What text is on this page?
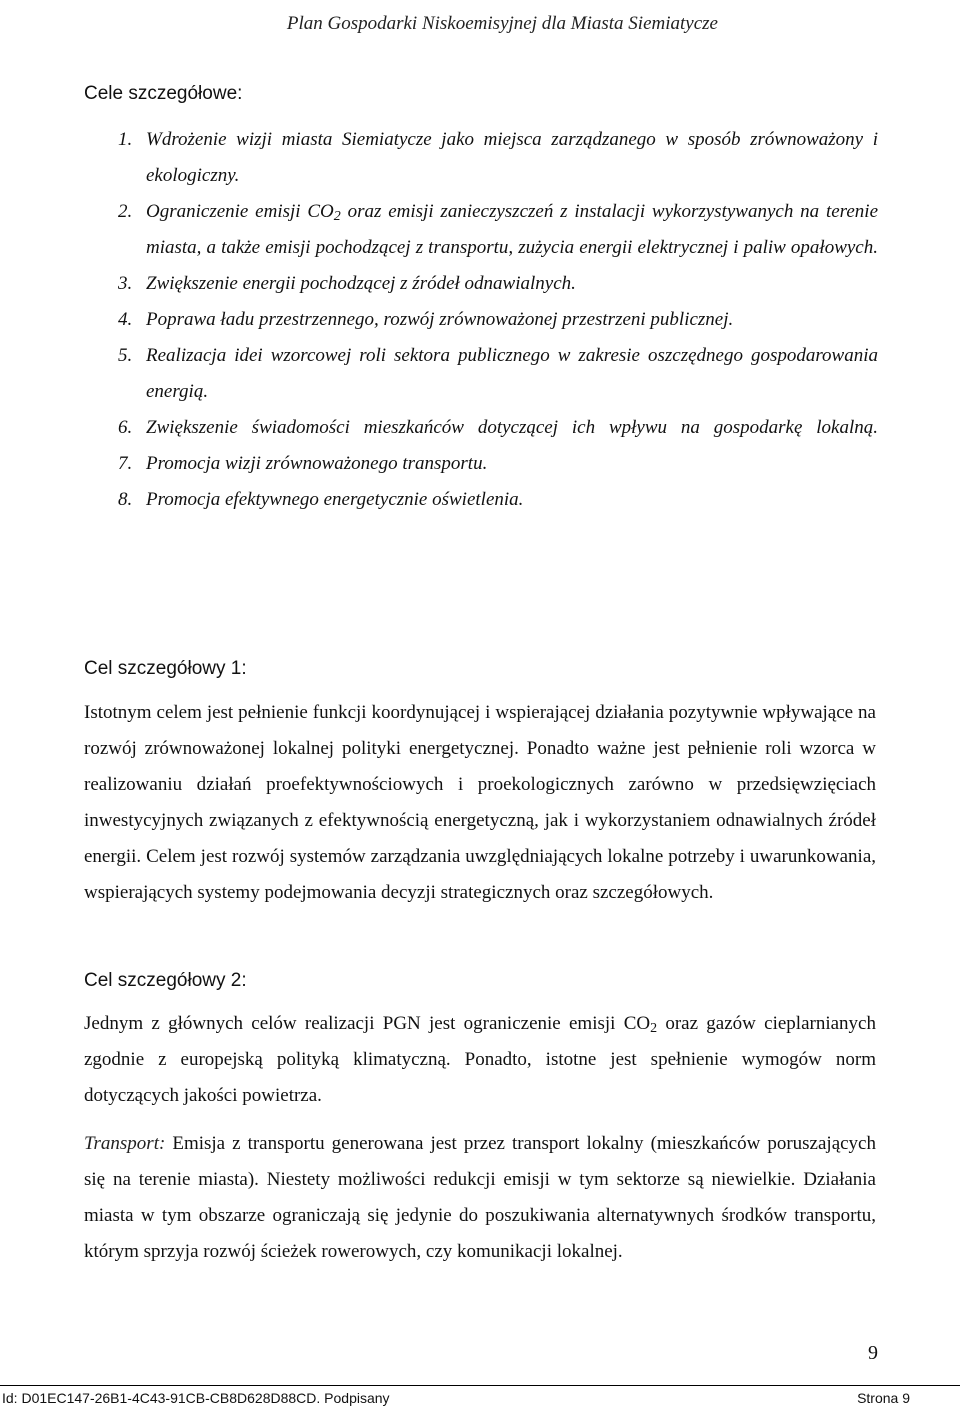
Plan Gospodarki Niskoemisyjnej dla Miasta Siemiatycze
Cele szczegółowe:
1. Wdrożenie wizji miasta Siemiatycze jako miejsca zarządzanego w sposób zrównoważony i ekologiczny.
2. Ograniczenie emisji $CO_2$ oraz emisji zanieczyszczeń z instalacji wykorzystywanych na terenie miasta, a także emisji pochodzącej z transportu, zużycia energii elektrycznej i paliw opałowych.
3. Zwiększenie energii pochodzącej z źródeł odnawialnych.
4. Poprawa ładu przestrzennego, rozwój zrównoważonej przestrzeni publicznej.
5. Realizacja idei wzorcowej roli sektora publicznego w zakresie oszczędnego gospodarowania energią.
6. Zwiększenie świadomości mieszkańców dotyczącej ich wpływu na gospodarkę lokalną.
7. Promocja wizji zrównoważonego transportu.
8. Promocja efektywnego energetycznie oświetlenia.
Cel szczegółowy 1:

Istotnym celem jest pełnienie funkcji koordynującej i wspierającej działania pozytywnie wpływające na rozwój zrównoważonej lokalnej polityki energetycznej. Ponadto ważne jest pełnienie roli wzorca w realizowaniu działań proefektywnościowych i proekologicznych zarówno w przedsięwzięciach inwestycyjnych związanych z efektywnością energetyczną, jak i wykorzystaniem odnawialnych źródeł energii. Celem jest rozwój systemów zarządzania uwzględniających lokalne potrzeby i uwarunkowania, wspierających systemy podejmowania decyzji strategicznych oraz szczegółowych.

Cel szczegółowy 2:

Jednym z głównych celów realizacji PGN jest ograniczenie emisji $CO_2$ oraz gazów cieplarnianych zgodnie z europejską polityką klimatyczną. Ponadto, istotne jest spełnienie wymogów norm dotyczących jakości powietrza.

Transport: Emisja z transportu generowana jest przez transport lokalny (mieszkańców poruszających się na terenie miasta). Niestety możliwości redukcji emisji w tym sektorze są niewielkie. Działania miasta w tym obszarze ograniczają się jedynie do poszukiwania alternatywnych środków transportu, którym sprzyja rozwój ścieżek rowerowych, czy komunikacji lokalnej.

9
Id: D01EC147-26B1-4C43-91CB-CB8D628D88CD. Podpisany	Strona 9
